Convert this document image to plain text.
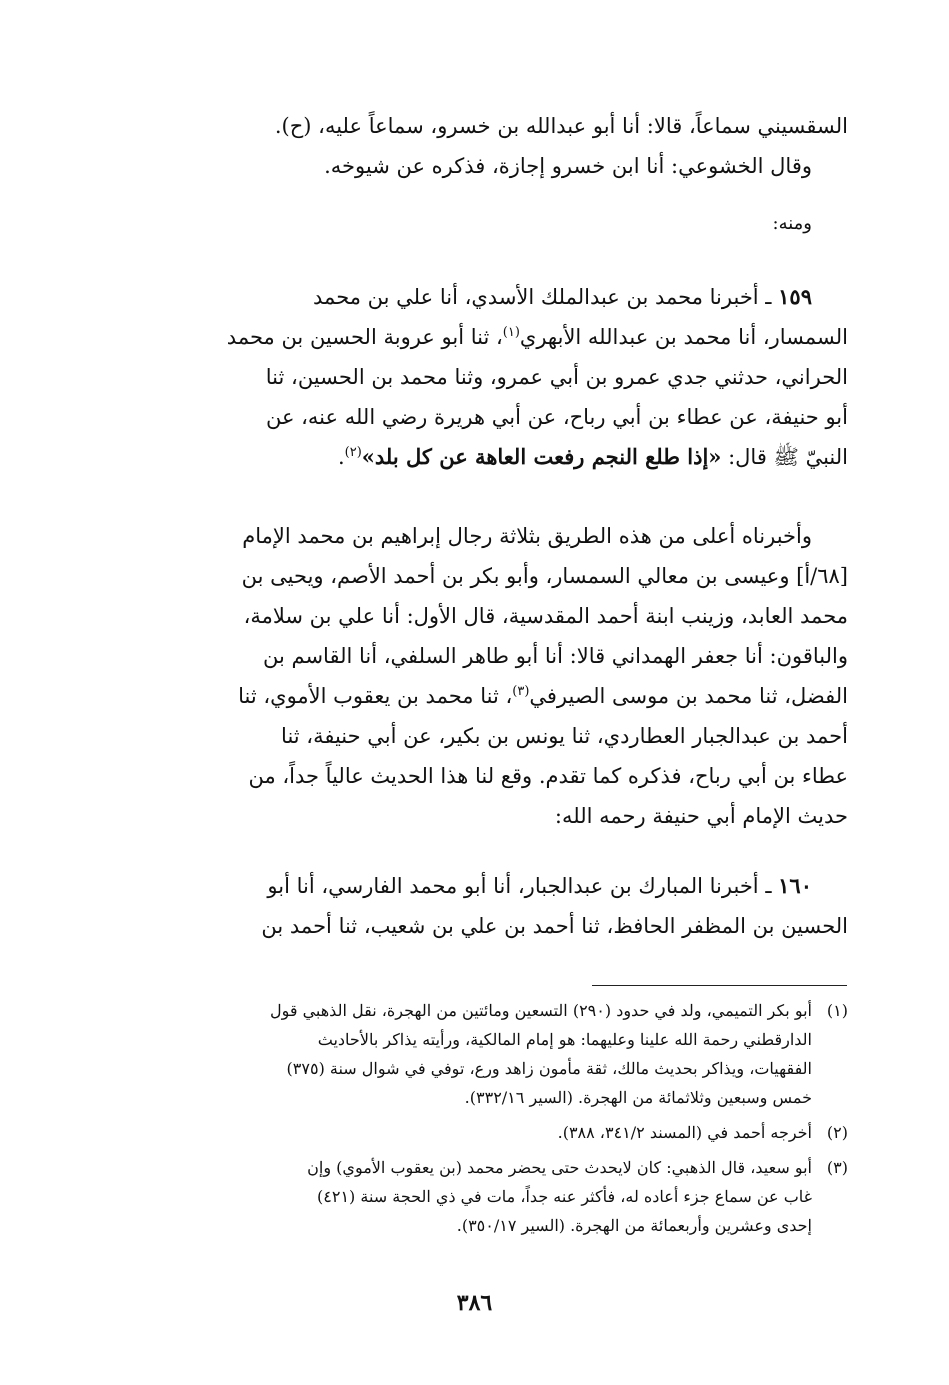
السقسيني سماعاً، قالا: أنا أبو عبدالله بن خسرو، سماعاً عليه، (ح).
وقال الخشوعي: أنا ابن خسرو إجازة، فذكره عن شيوخه.
ومنه:
١٥٩ ـ أخبرنا محمد بن عبدالملك الأسدي، أنا علي بن محمد
السمسار، أنا محمد بن عبدالله الأبهري$^{(١)}$، ثنا أبو عروبة الحسين بن محمد
الحراني، حدثني جدي عمرو بن أبي عمرو، وثنا محمد بن الحسين، ثنا
أبو حنيفة، عن عطاء بن أبي رباح، عن أبي هريرة رضي الله عنه، عن
النبيّ ﷺ قال: «إذا طلع النجم رفعت العاهة عن كل بلد»$^{(٢)}$.
وأخبرناه أعلى من هذه الطريق بثلاثة رجال إبراهيم بن محمد الإمام
[٦٨/أ] وعيسى بن معالي السمسار، وأبو بكر بن أحمد الأصم، ويحيى بن
محمد العابد، وزينب ابنة أحمد المقدسية، قال الأول: أنا علي بن سلامة،
والباقون: أنا جعفر الهمداني قالا: أنا أبو طاهر السلفي، أنا القاسم بن
الفضل، ثنا محمد بن موسى الصيرفي$^{(٣)}$، ثنا محمد بن يعقوب الأموي، ثنا
أحمد بن عبدالجبار العطاردي، ثنا يونس بن بكير، عن أبي حنيفة، ثنا
عطاء بن أبي رباح، فذكره كما تقدم. وقع لنا هذا الحديث عالياً جداً، من
حديث الإمام أبي حنيفة رحمه الله:
١٦٠ ـ أخبرنا المبارك بن عبدالجبار، أنا أبو محمد الفارسي، أنا أبو
الحسين بن المظفر الحافظ، ثنا أحمد بن علي بن شعيب، ثنا أحمد بن
(١)
أبو بكر التميمي، ولد في حدود (٢٩٠) التسعين ومائتين من الهجرة، نقل الذهبي قول
الدارقطني رحمة الله علينا وعليهما: هو إمام المالكية، ورأيته يذاكر بالأحاديث
الفقهيات، ويذاكر بحديث مالك، ثقة مأمون زاهد ورع، توفي في شوال سنة (٣٧٥)
خمس وسبعين وثلاثمائة من الهجرة. (السير ٣٣٢/١٦).
(٢)
أخرجه أحمد في (المسند ٣٤١/٢، ٣٨٨).
(٣)
أبو سعيد، قال الذهبي: كان لايحدث حتى يحضر محمد (بن يعقوب الأموي) وإن
غاب عن سماع جزء أعاده له، فأكثر عنه جداً، مات في ذي الحجة سنة (٤٢١)
إحدى وعشرين وأربعمائة من الهجرة. (السير ٣٥٠/١٧).
٣٨٦
